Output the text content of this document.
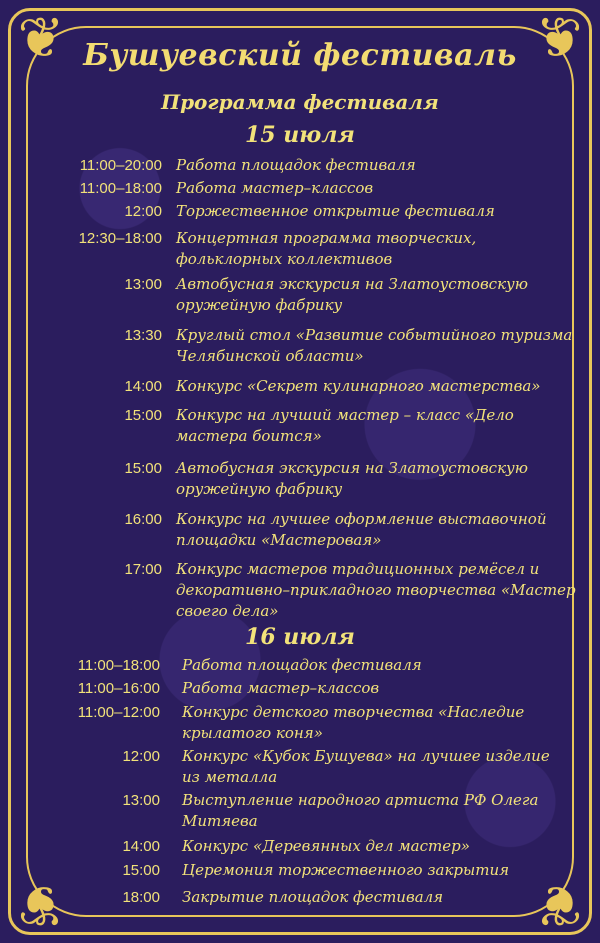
❦	❦
❦	❦
Бушуевский фестиваль
Программа фестиваля
15 июля
11:00–20:00 Работа площадок фестиваля
11:00–18:00 Работа мастер–классов
12:00 Торжественное открытие фестиваля
12:30–18:00 Концертная программа творческих, фольклорных коллективов
13:00 Автобусная экскурсия на Златоустовскую оружейную фабрику
13:30 Круглый стол «Развитие событийного туризма Челябинской области»
14:00 Конкурс «Секрет кулинарного мастерства»
15:00 Конкурс на лучший мастер – класс «Дело мастера боится»
15:00 Автобусная экскурсия на Златоустовскую оружейную фабрику
16:00 Конкурс на лучшее оформление выставочной площадки «Мастеровая»
17:00 Конкурс мастеров традиционных ремёсел и декоративно–прикладного творчества «Мастер своего дела»
16 июля
11:00–18:00 Работа площадок фестиваля
11:00–16:00 Работа мастер–классов
11:00–12:00 Конкурс детского творчества «Наследие крылатого коня»
12:00 Конкурс «Кубок Бушуева» на лучшее изделие из металла
13:00 Выступление народного артиста РФ Олега Митяева
14:00 Конкурс «Деревянных дел мастер»
15:00 Церемония торжественного закрытия
18:00 Закрытие площадок фестиваля
